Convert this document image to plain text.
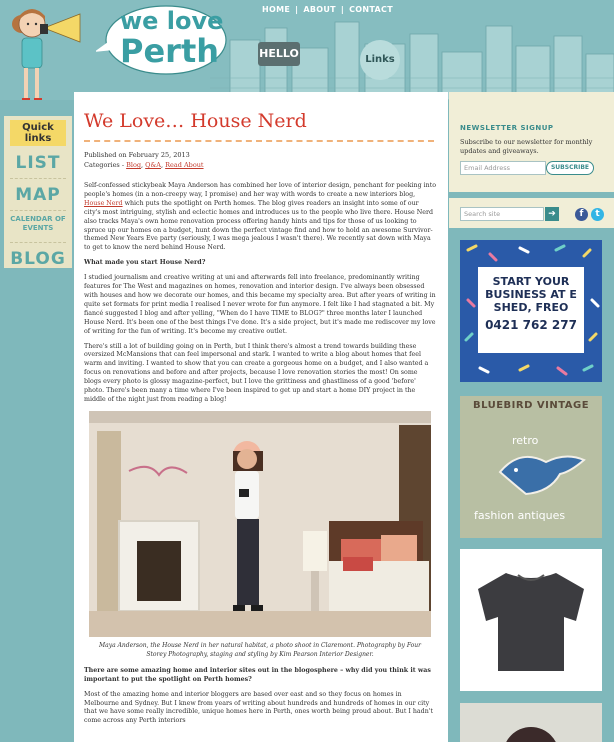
HOME | ABOUT | CONTACT
we love
Perth	HELLO	Links
Quick links
LIST
MAP
CALENDAR OF EVENTS
BLOG
We Love… House Nerd
Published on February 25, 2013
Categories - Blog, Q&A, Read About

Self-confessed stickybeak Maya Anderson has combined her love of interior design, penchant for peeking into people's homes (in a non-creepy way, I promise) and her way with words to create a new interiors blog, House Nerd which puts the spotlight on Perth homes. The blog gives readers an insight into some of our city's most intriguing, stylish and eclectic homes and introduces us to the people who live there. House Nerd also tracks Maya's own home renovation process offering handy hints and tips for those of us looking to spruce up our homes on a budget, hunt down the perfect vintage find and how to hold an awesome Survivor-themed New Years Eve party (seriously, I was mega jealous I wasn't there). We recently sat down with Maya to get to know the nerd behind House Nerd.

What made you start House Nerd?

I studied journalism and creative writing at uni and afterwards fell into freelance, predominantly writing features for The West and magazines on homes, renovation and interior design. I've always been obsessed with houses and how we decorate our homes, and this became my specialty area. But after years of writing in quite set formats for print media I realised I never wrote for fun anymore. I felt like I had stagnated a bit. My fiancé suggested I blog and after yelling, "When do I have TIME to BLOG?" three months later I launched House Nerd. It's been one of the best things I've done. It's a side project, but it's made me rediscover my love of writing for the fun of writing. It's become my creative outlet.

There's still a lot of building going on in Perth, but I think there's almost a trend towards building these oversized McMansions that can feel impersonal and stark. I wanted to write a blog about homes that feel warm and inviting. I wanted to show that you can create a gorgeous home on a budget, and I also wanted a focus on renovations and before and after projects, because I love renovation stories the most! On some blogs every photo is glossy magazine-perfect, but I love the grittiness and ghastliness of a good 'before' photo. There's been many a time where I've been inspired to get up and start a home DIY project in the middle of the night just from reading a blog!

Maya Anderson, the House Nerd in her natural habitat, a photo shoot in Claremont. Photography by Four Storey Photography, staging and styling by Kim Pearson Interior Designer.

There are some amazing home and interior sites out in the blogosphere – why did you think it was important to put the spotlight on Perth homes?

Most of the amazing home and interior bloggers are based over east and so they focus on homes in Melbourne and Sydney. But I knew from years of writing about hundreds and hundreds of homes in our city that we have some really incredible, unique homes here in Perth, ones worth being proud about. But I hadn't come across any Perth interiors

NEWSLETTER SIGNUP
Subscribe to our newsletter for monthly updates and giveaways.
Email Address	SUBSCRIBE
Search site	➔	f	t
START YOUR BUSINESS AT E SHED, FREO
0421 762 277
BLUEBIRD VINTAGE
retro
fashion antiques
